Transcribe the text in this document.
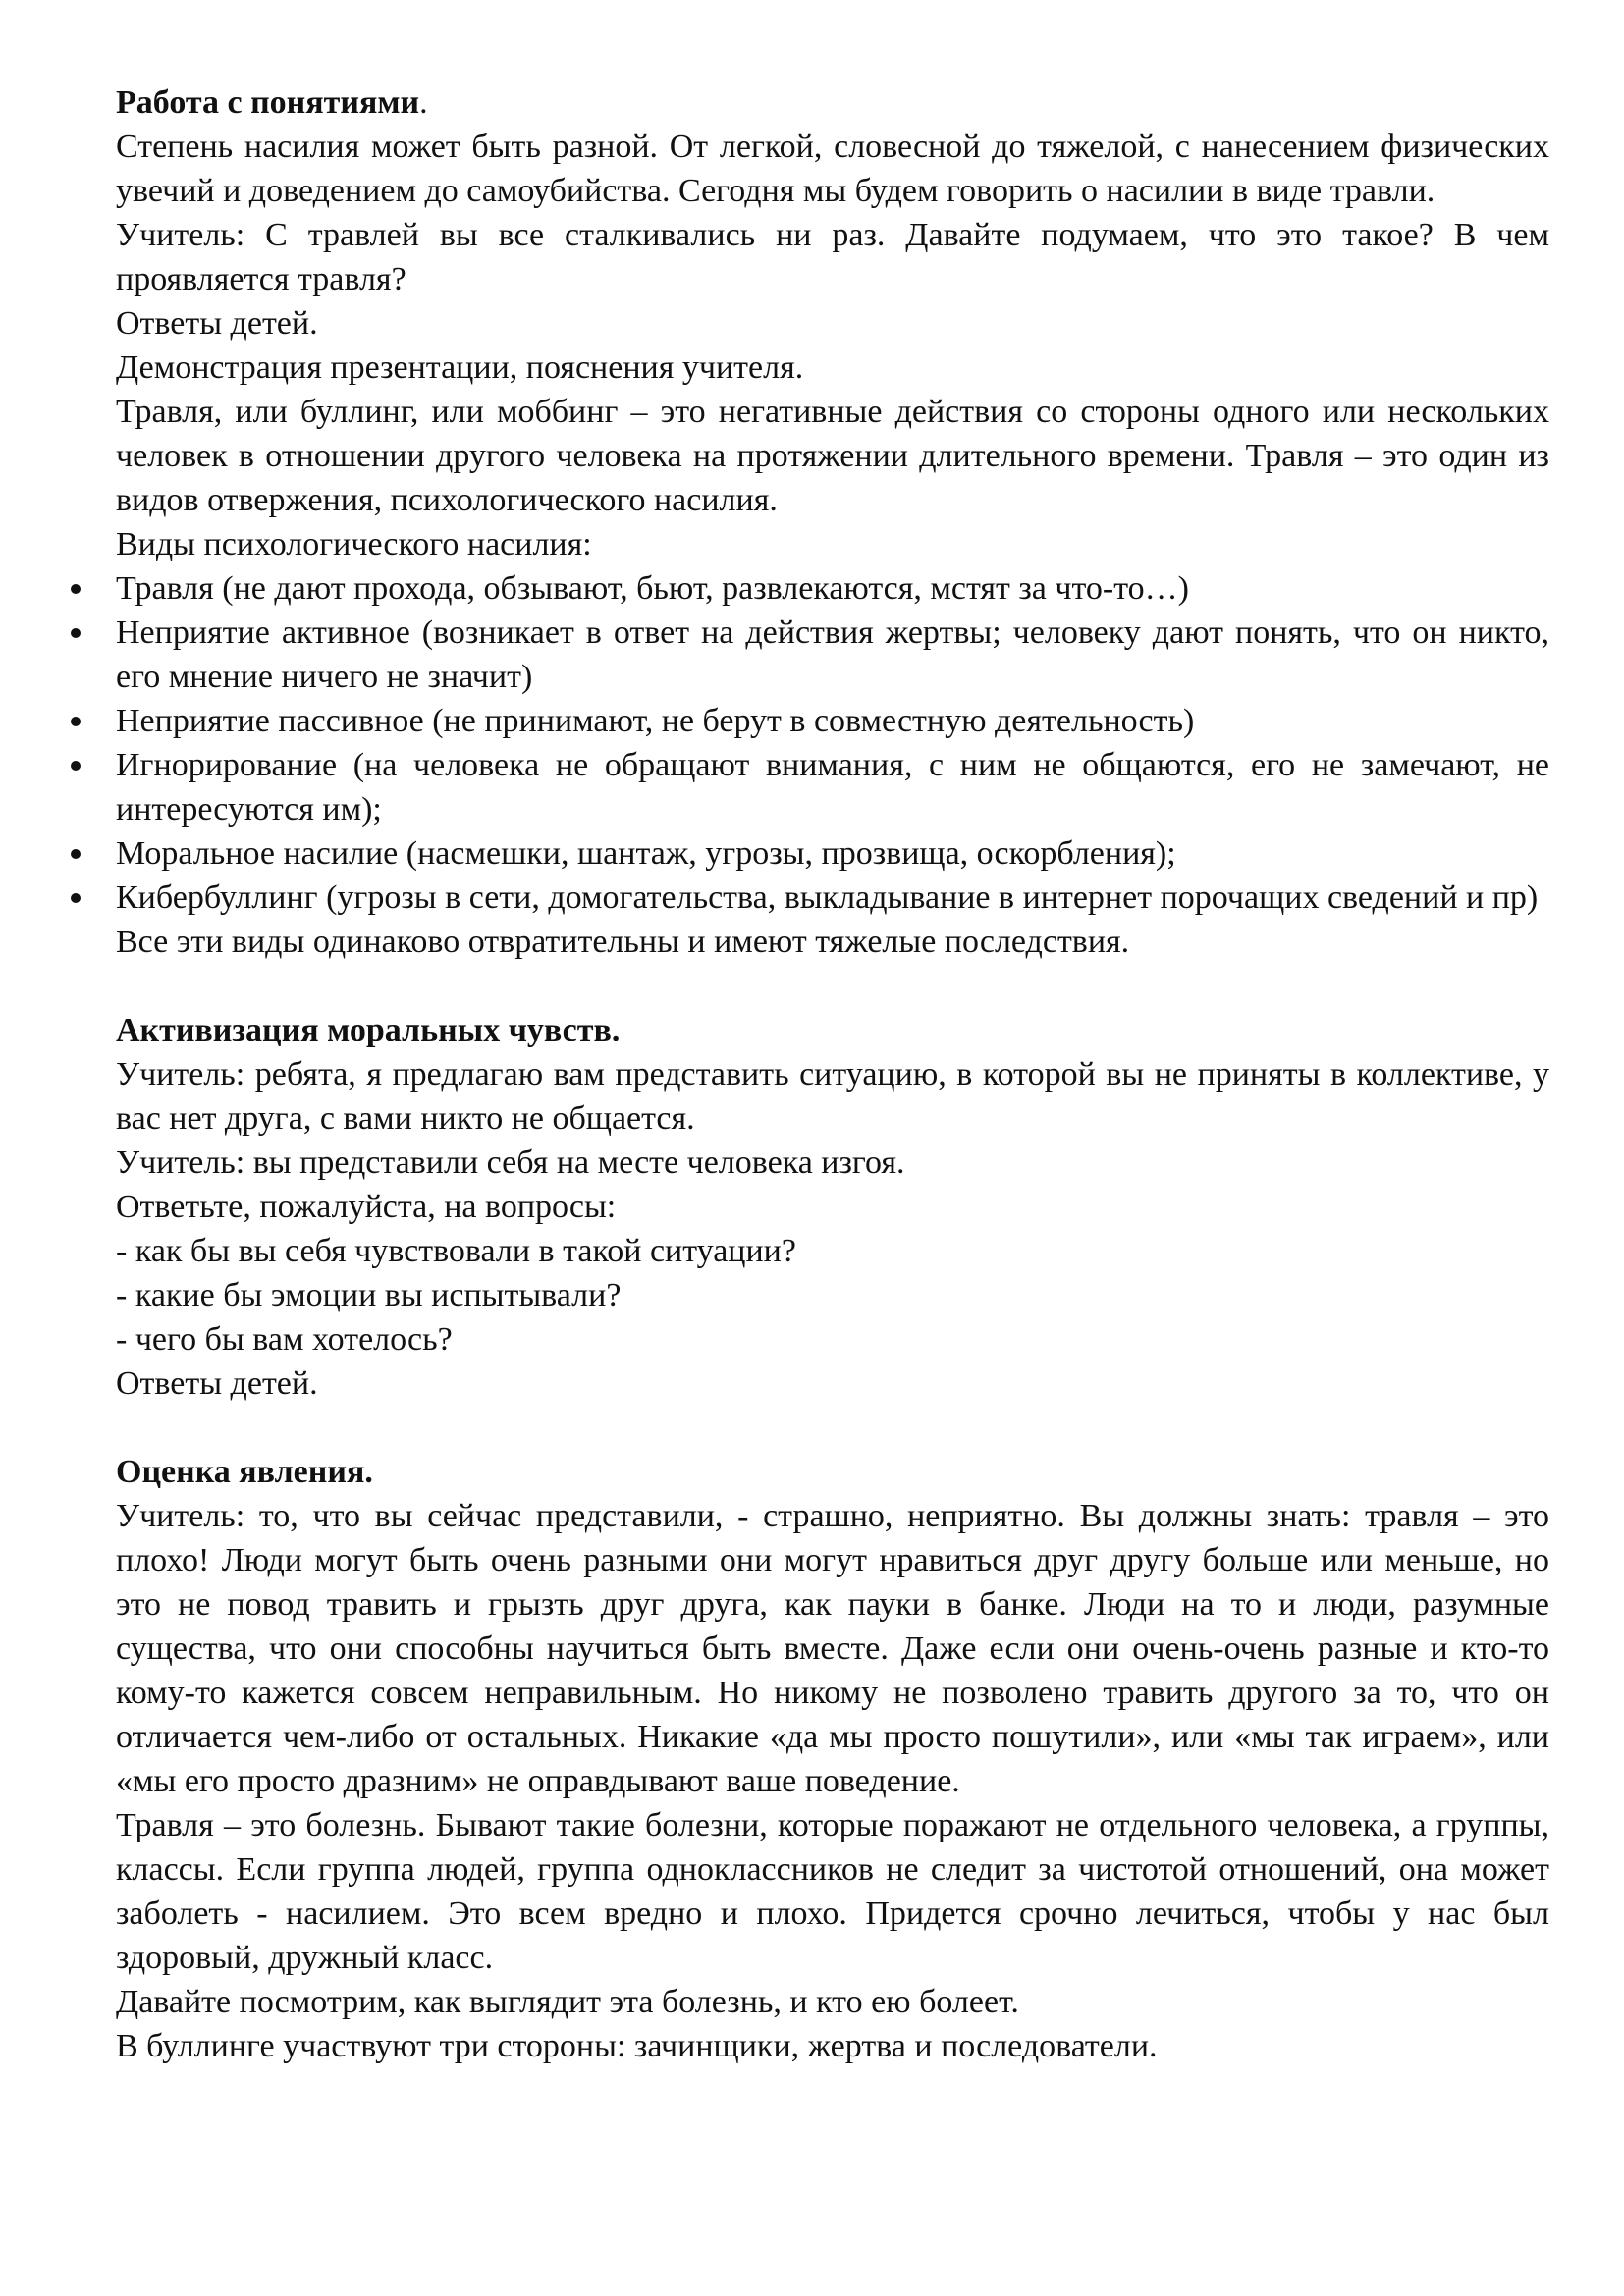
Работа с понятиями.

Степень насилия может быть разной. От легкой, словесной до тяжелой, с нанесением физических увечий и доведением до самоубийства. Сегодня мы будем говорить о насилии в виде травли.

Учитель: С травлей вы все сталкивались ни раз. Давайте подумаем, что это такое? В чем проявляется травля?

Ответы детей.

Демонстрация презентации, пояснения учителя.

Травля, или буллинг, или моббинг – это негативные действия со стороны одного или нескольких человек в отношении другого человека на протяжении длительного времени. Травля – это один из видов отвержения, психологического насилия.

Виды психологического насилия:

Травля (не дают прохода, обзывают, бьют, развлекаются, мстят за что-то…)
Неприятие активное (возникает в ответ на действия жертвы; человеку дают понять, что он никто, его мнение ничего не значит)
Неприятие пассивное (не принимают, не берут в совместную деятельность)
Игнорирование (на человека не обращают внимания, с ним не общаются, его не замечают, не интересуются им);
Моральное насилие (насмешки, шантаж, угрозы, прозвища, оскорбления);
Кибербуллинг (угрозы в сети, домогательства, выкладывание в интернет порочащих сведений и пр)

Все эти виды одинаково отвратительны и имеют тяжелые последствия.

Активизация моральных чувств.

Учитель: ребята, я предлагаю вам представить ситуацию, в которой вы не приняты в коллективе, у вас нет друга, с вами никто не общается.

Учитель: вы представили себя на месте человека изгоя.

Ответьте, пожалуйста, на вопросы:

- как бы вы себя чувствовали в такой ситуации?

- какие бы эмоции вы испытывали?

- чего бы вам хотелось?

Ответы детей.

Оценка явления.

Учитель: то, что вы сейчас представили, - страшно, неприятно. Вы должны знать: травля – это плохо! Люди могут быть очень разными они могут нравиться друг другу больше или меньше, но это не повод травить и грызть друг друга, как пауки в банке. Люди на то и люди, разумные существа, что они способны научиться быть вместе. Даже если они очень-очень разные и кто-то кому-то кажется совсем неправильным. Но никому не позволено травить другого за то, что он отличается чем-либо от остальных. Никакие «да мы просто пошутили», или «мы так играем», или «мы его просто дразним» не оправдывают ваше поведение.

Травля – это болезнь. Бывают такие болезни, которые поражают не отдельного человека, а группы, классы. Если группа людей, группа одноклассников не следит за чистотой отношений, она может заболеть - насилием. Это всем вредно и плохо. Придется срочно лечиться, чтобы у нас был здоровый, дружный класс.

Давайте посмотрим, как выглядит эта болезнь, и кто ею болеет.

В буллинге участвуют три стороны: зачинщики, жертва и последователи.
